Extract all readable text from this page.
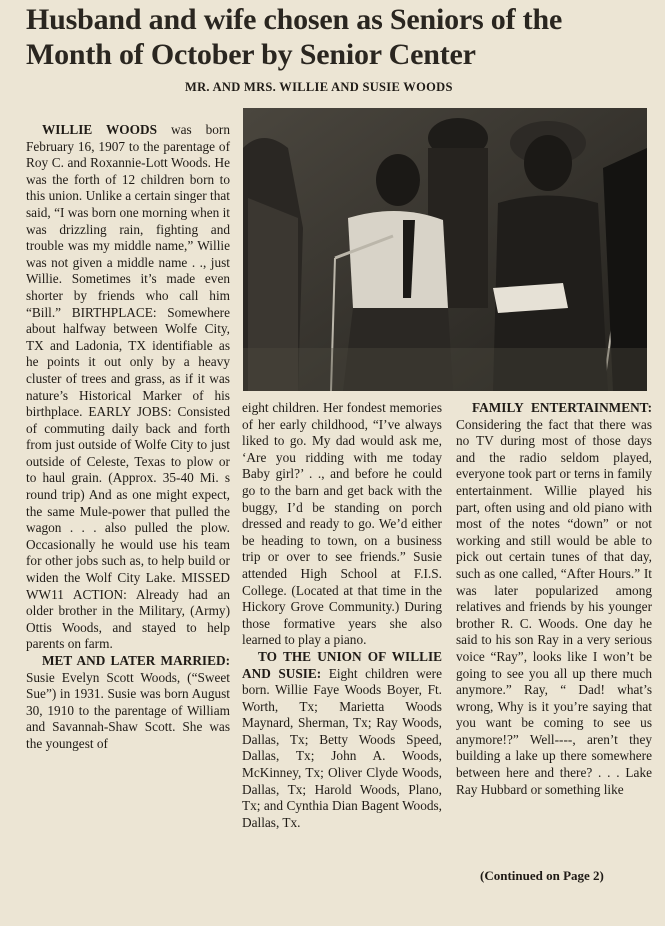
Husband and wife chosen as Seniors of the
Month of October by Senior Center
MR. AND MRS. WILLIE AND SUSIE WOODS

WILLIE WOODS was born February 16, 1907 to the parentage of Roy C. and Roxannie-Lott Woods. He was the forth of 12 children born to this union. Unlike a certain singer that said, “I was born one morning when it was drizzling rain, fighting and trouble was my middle name,” Willie was not given a middle name . ., just Willie. Sometimes it’s made even shorter by friends who call him “Bill.” BIRTHPLACE: Somewhere about halfway between Wolfe City, TX and Ladonia, TX identifiable as he points it out only by a heavy cluster of trees and grass, as if it was nature’s Historical Marker of his birthplace. EARLY JOBS: Consisted of commuting daily back and forth from just outside of Wolfe City to just outside of Celeste, Texas to plow or to haul grain. (Approx. 35-40 Mi. s round trip) And as one might expect, the same Mule-power that pulled the wagon . . . also pulled the plow. Occasionally he would use his team for other jobs such as, to help build or widen the Wolf City Lake. MISSED WW11 ACTION: Already had an older brother in the Military, (Army) Ottis Woods, and stayed to help parents on farm.

MET AND LATER MARRIED: Susie Evelyn Scott Woods, (“Sweet Sue”) in 1931. Susie was born August 30, 1910 to the parentage of William and Savannah-Shaw Scott. She was the youngest of

eight children. Her fondest memories of her early childhood, “I’ve always liked to go. My dad would ask me, ‘Are you ridding with me today Baby girl?’ . ., and before he could go to the barn and get back with the buggy, I’d be standing on porch dressed and ready to go. We’d either be heading to town, on a business trip or over to see friends.” Susie attended High School at F.I.S. College. (Located at that time in the Hickory Grove Community.) During those formative years she also learned to play a piano.

TO THE UNION OF WILLIE AND SUSIE: Eight children were born. Willie Faye Woods Boyer, Ft. Worth, Tx; Marietta Woods Maynard, Sherman, Tx; Ray Woods, Dallas, Tx; Betty Woods Speed, Dallas, Tx; John A. Woods, McKinney, Tx; Oliver Clyde Woods, Dallas, Tx; Harold Woods, Plano, Tx; and Cynthia Dian Bagent Woods, Dallas, Tx.

FAMILY ENTERTAINMENT: Considering the fact that there was no TV during most of those days and the radio seldom played, everyone took part or terns in family entertainment. Willie played his part, often using and old piano with most of the notes “down” or not working and still would be able to pick out certain tunes of that day, such as one called, “After Hours.” It was later popularized among relatives and friends by his younger brother R. C. Woods. One day he said to his son Ray in a very serious voice “Ray”, looks like I won’t be going to see you all up there much anymore.” Ray, “ Dad! what’s wrong, Why is it you’re saying that you want be coming to see us anymore!?” Well----, aren’t they building a lake up there somewhere between here and there? . . . Lake Ray Hubbard or something like

(Continued on Page 2)
